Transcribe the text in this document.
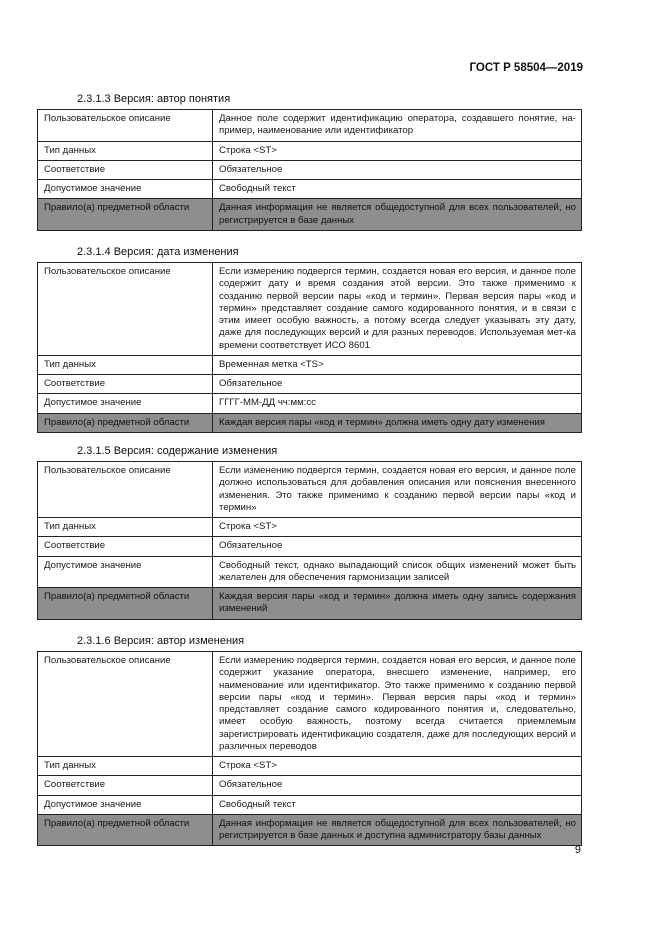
ГОСТ Р 58504—2019
2.3.1.3 Версия: автор понятия
Пользовательское описание	Данное поле содержит идентификацию оператора, создавшего понятие, на-пример, наименование или идентификатор
Тип данных	Строка <ST>
Соответствие	Обязательное
Допустимое значение	Свободный текст
Правило(а) предметной области	Данная информация не является общедоступной для всех пользователей, но регистрируется в базе данных
2.3.1.4 Версия: дата изменения
Пользовательское описание	Если измерению подвергся термин, создается новая его версия, и данное поле содержит дату и время создания этой версии. Это также применимо к созданию первой версии пары «код и термин». Первая версия пары «код и термин» представляет создание самого кодированного понятия, и в связи с этим имеет особую важность, а потому всегда следует указывать эту дату, даже для последующих версий и для разных переводов. Используемая мет-ка времени соответствует ИСО 8601
Тип данных	Временная метка <TS>
Соответствие	Обязательное
Допустимое значение	ГГГГ-ММ-ДД чч:мм:сс
Правило(а) предметной области	Каждая версия пары «код и термин» должна иметь одну дату изменения
2.3.1.5 Версия: содержание изменения
Пользовательское описание	Если изменению подвергся термин, создается новая его версия, и данное поле должно использоваться для добавления описания или пояснения внесенного изменения. Это также применимо к созданию первой версии пары «код и термин»
Тип данных	Строка <ST>
Соответствие	Обязательное
Допустимое значение	Свободный текст, однако выпадающий список общих изменений может быть желателен для обеспечения гармонизации записей
Правило(а) предметной области	Каждая версия пары «код и термин» должна иметь одну запись содержания изменений
2.3.1.6 Версия: автор изменения
Пользовательское описание	Если измерению подвергся термин, создается новая его версия, и данное поле содержит указание оператора, внесшего изменение, например, его наименование или идентификатор. Это также применимо к созданию первой версии пары «код и термин». Первая версия пары «код и термин» представляет создание самого кодированного понятия и, следовательно, имеет особую важность, поэтому всегда считается приемлемым зарегистрировать идентификацию создателя, даже для последующих версий и различных переводов
Тип данных	Строка <ST>
Соответствие	Обязательное
Допустимое значение	Свободный текст
Правило(а) предметной области	Данная информация не является общедоступной для всех пользователей, но регистрируется в базе данных и доступна администратору базы данных
9
